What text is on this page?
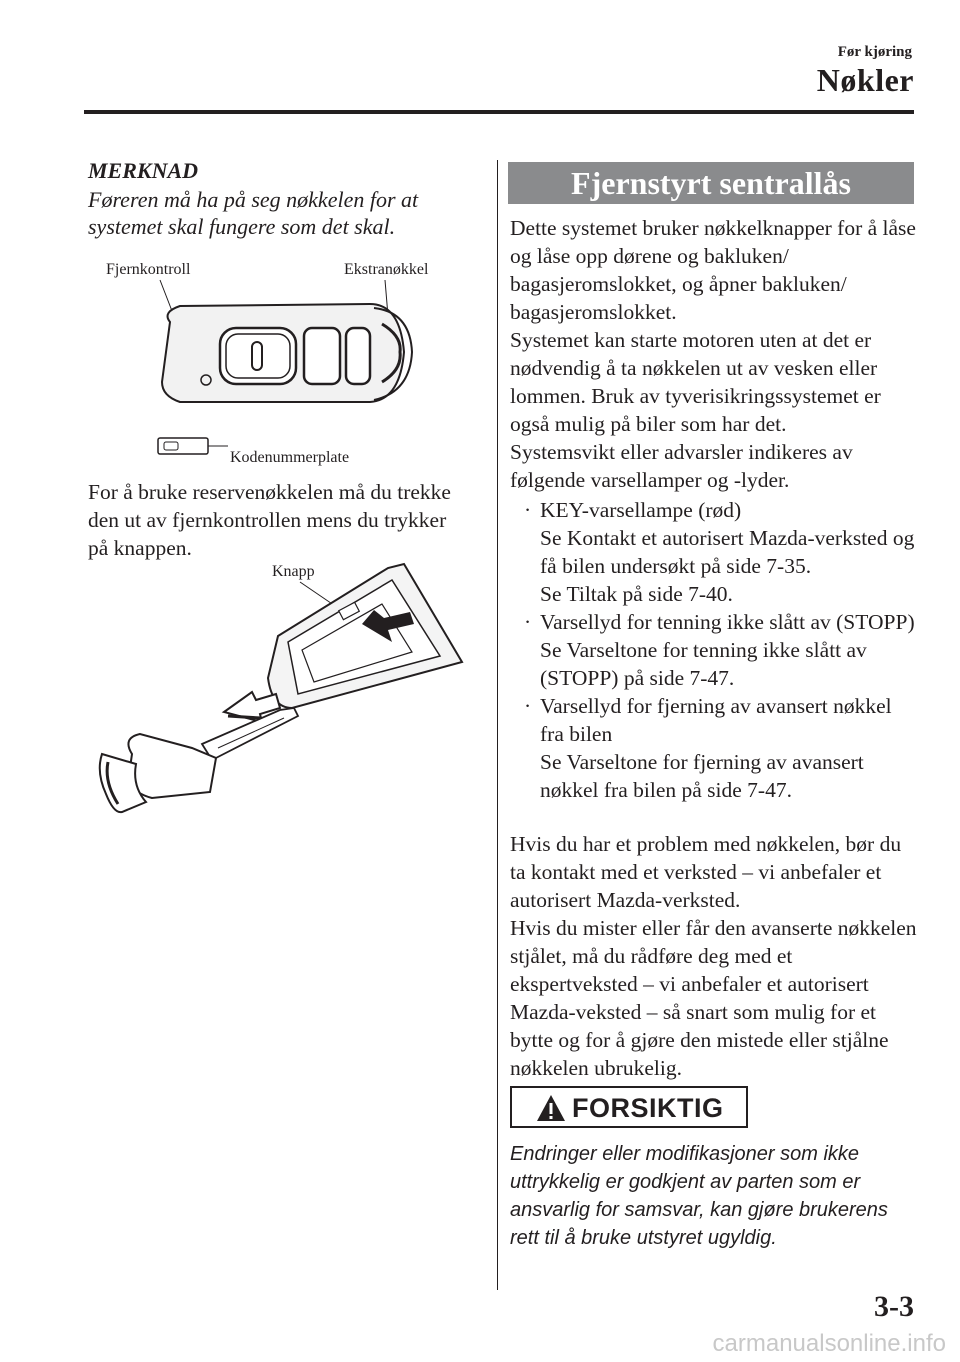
Før kjøring
Nøkler
MERKNAD
Føreren må ha på seg nøkkelen for at systemet skal fungere som det skal.
Fjernkontroll	Ekstranøkkel
Kodenummerplate
For å bruke reservenøkkelen må du trekke den ut av fjernkontrollen mens du trykker på knappen.
Knapp
Fjernstyrt sentrallås
Dette systemet bruker nøkkelknapper for å låse og låse opp dørene og bakluken/ bagasjeromslokket, og åpner bakluken/ bagasjeromslokket.
Systemet kan starte motoren uten at det er nødvendig å ta nøkkelen ut av vesken eller lommen. Bruk av tyverisikringssystemet er også mulig på biler som har det.
Systemsvikt eller advarsler indikeres av følgende varsellamper og -lyder.
· KEY-varsellampe (rød)
Se Kontakt et autorisert Mazda-verksted og få bilen undersøkt på side 7-35.
Se Tiltak på side 7-40.
· Varsellyd for tenning ikke slått av (STOPP)
Se Varseltone for tenning ikke slått av (STOPP) på side 7-47.
· Varsellyd for fjerning av avansert nøkkel fra bilen
Se Varseltone for fjerning av avansert nøkkel fra bilen på side 7-47.
Hvis du har et problem med nøkkelen, bør du ta kontakt med et verksted – vi anbefaler et autorisert Mazda-verksted.
Hvis du mister eller får den avanserte nøkkelen stjålet, må du rådføre deg med et ekspertveksted – vi anbefaler et autorisert Mazda-veksted – så snart som mulig for et bytte og for å gjøre den mistede eller stjålne nøkkelen ubrukelig.
FORSIKTIG
Endringer eller modifikasjoner som ikke uttrykkelig er godkjent av parten som er ansvarlig for samsvar, kan gjøre brukerens rett til å bruke utstyret ugyldig.
3-3
carmanualsonline.info
